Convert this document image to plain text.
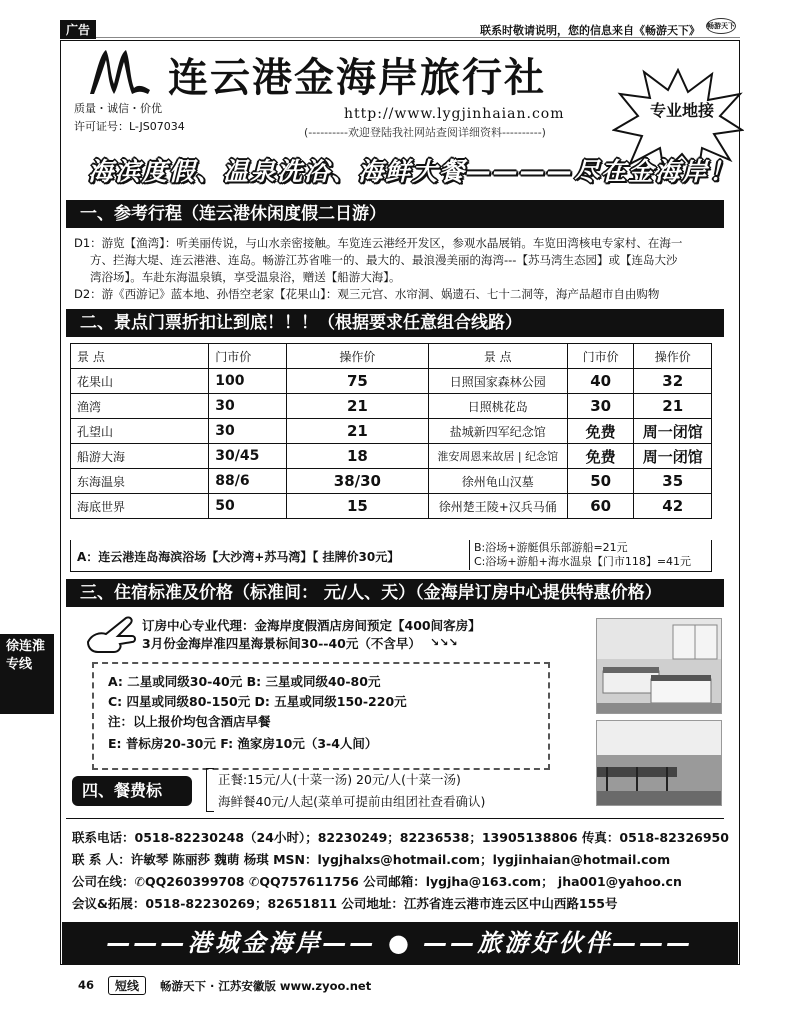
广告	联系时敬请说明，您的信息来自《畅游天下》 畅游天下
连云港金海岸旅行社
质量・诚信・价优
许可证号：L-JS07034
http://www.lygjinhaian.com
(----------欢迎登陆我社网站查阅详细资料----------)
专业地接
海滨度假、温泉洗浴、海鲜大餐————尽在金海岸！
一、参考行程（连云港休闲度假二日游）
D1：游览【渔湾】：听美丽传说，与山水亲密接触。车览连云港经开发区，参观水晶展销。车览田湾核电专家村、在海一
方、拦海大堤、连云港港、连岛。畅游江苏省唯一的、最大的、最浪漫美丽的海湾---【苏马湾生态园】或【连岛大沙
湾浴场】。车赴东海温泉镇，享受温泉浴，赠送【船游大海】。
D2：游《西游记》蓝本地、孙悟空老家【花果山】：观三元宫、水帘洞、娲遗石、七十二洞等，海产品超市自由购物
二、景点门票折扣让到底！！！（根据要求任意组合线路）
景 点	门市价	操作价	景 点	门市价	操作价
花果山	100	75	日照国家森林公园	40	32
渔湾	30	21	日照桃花岛	30	21
孔望山	30	21	盐城新四军纪念馆	免费	周一闭馆
船游大海	30/45	18	淮安周恩来故居 | 纪念馆	免费	周一闭馆
东海温泉	88/6	38/30	徐州龟山汉墓	50	35
海底世界	50	15	徐州楚王陵+汉兵马俑	60	42
A：连云港连岛海滨浴场【大沙湾+苏马湾】【 挂牌价30元】
B:浴场+游艇俱乐部游船=21元
C:浴场+游船+海水温泉【门市118】=41元
三、住宿标准及价格（标准间： 元/人、天）（金海岸订房中心提供特惠价格）
徐连淮专线
订房中心专业代理：金海岸度假酒店房间预定【400间客房】
3月份金海岸准四星海景标间30--40元（不含早） ↘↘↘
A: 二星或同级30-40元 B: 三星或同级40-80元
C: 四星或同级80-150元 D: 五星或同级150-220元
注：以上报价均包含酒店早餐
E: 普标房20-30元 F: 渔家房10元（3-4人间）
四、餐费标准：
正餐:15元/人(十菜一汤) 20元/人(十菜一汤)
海鲜餐40元/人起(菜单可提前由组团社查看确认)
联系电话：0518-82230248（24小时）；82230249；82236538；13905138806 传真：0518-82326950
联 系 人：许敏琴 陈丽莎 魏萌 杨琪 MSN：lygjhalxs@hotmail.com；lygjinhaian@hotmail.com
公司在线：✆QQ260399708 ✆QQ757611756 公司邮箱：lygjha@163.com； jha001@yahoo.cn
会议&拓展：0518-82230269；82651811 公司地址：江苏省连云港市连云区中山西路155号
———港城金海岸—— ● ——旅游好伙伴———
46	短线	畅游天下 · 江苏安徽版 www.zyoo.net
